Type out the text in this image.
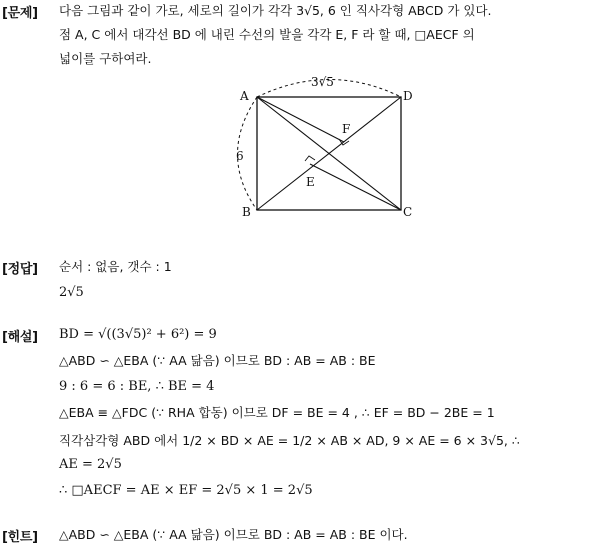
[문제] 다음 그림과 같이 가로, 세로의 길이가 각각 3√5, 6 인 직사각형 ABCD 가 있다.
점 A, C 에서 대각선 BD 에 내린 수선의 발을 각각 E, F 라 할 때, □AECF 의
넓이를 구하여라.
A
B	C
D
E
F
3√5
6
[정답] 순서 : 없음, 갯수 : 1
2√5
[해설] BD = √((3√5)² + 6²) = 9
△ABD ∽ △EBA (∵ AA 닮음) 이므로 BD : AB = AB : BE
9 : 6 = 6 : BE, ∴ BE = 4
△EBA ≡ △FDC (∵ RHA 합동) 이므로 DF = BE = 4 , ∴ EF = BD − 2BE = 1
직각삼각형 ABD 에서 1/2 × BD × AE = 1/2 × AB × AD, 9 × AE = 6 × 3√5, ∴
AE = 2√5
∴ □AECF = AE × EF = 2√5 × 1 = 2√5
[힌트] △ABD ∽ △EBA (∵ AA 닮음) 이므로 BD : AB = AB : BE 이다.
